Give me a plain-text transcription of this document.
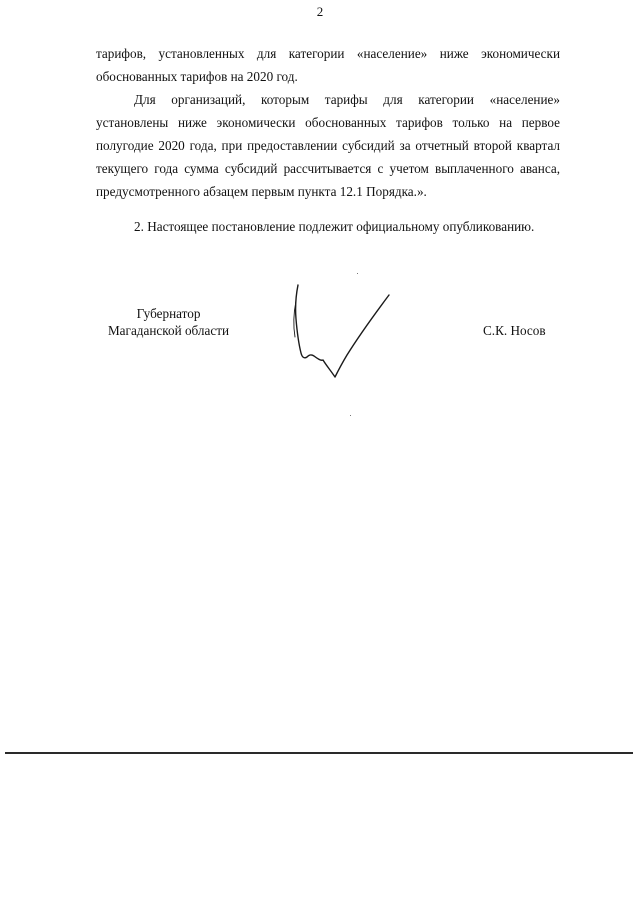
2

тарифов, установленных для категории «население» ниже экономически обоснованных тарифов на 2020 год.

Для организаций, которым тарифы для категории «население» установлены ниже экономически обоснованных тарифов только на первое полугодие 2020 года, при предоставлении субсидий за отчетный второй квартал текущего года сумма субсидий рассчитывается с учетом выплаченного аванса, предусмотренного абзацем первым пункта 12.1 Порядка.».

2. Настоящее постановление подлежит официальному опубликованию.

Губернатор
Магаданской области	С.К. Носов
